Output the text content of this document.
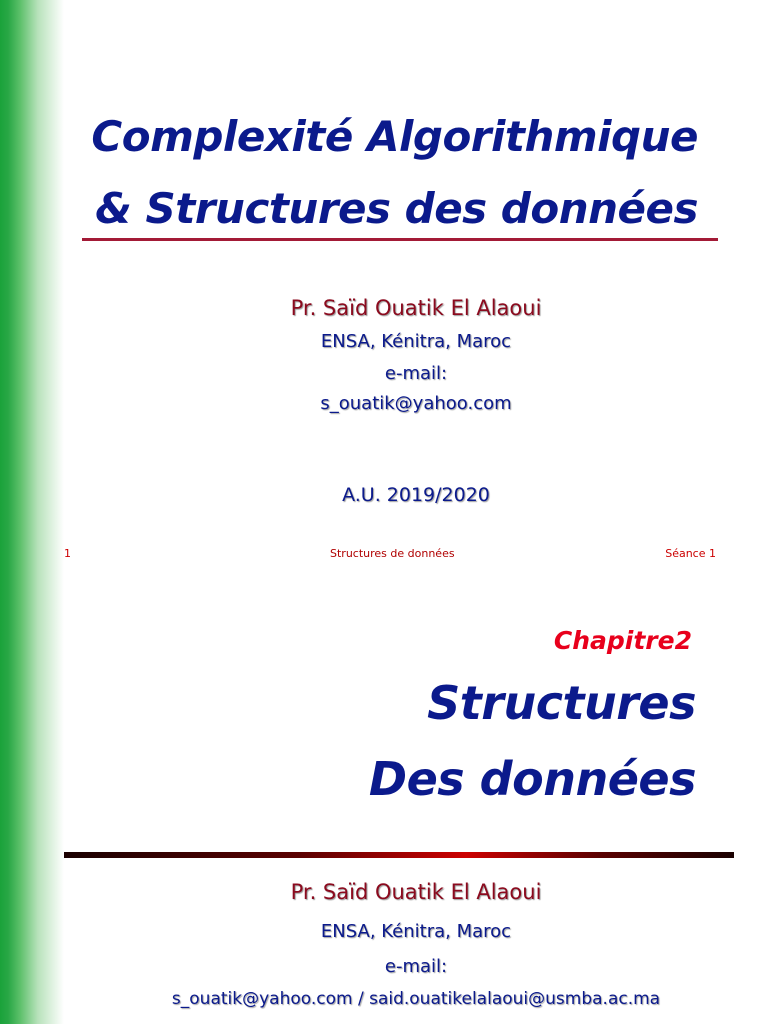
Complexité Algorithmique
& Structures des données
Pr. Saïd Ouatik El Alaoui
ENSA, Kénitra, Maroc
e-mail:
s_ouatik@yahoo.com
A.U. 2019/2020
1	Structures de données	Séance 1
Chapitre2
Structures
Des données
Pr. Saïd Ouatik El Alaoui
ENSA, Kénitra, Maroc
e-mail:
s_ouatik@yahoo.com / said.ouatikelalaoui@usmba.ac.ma
